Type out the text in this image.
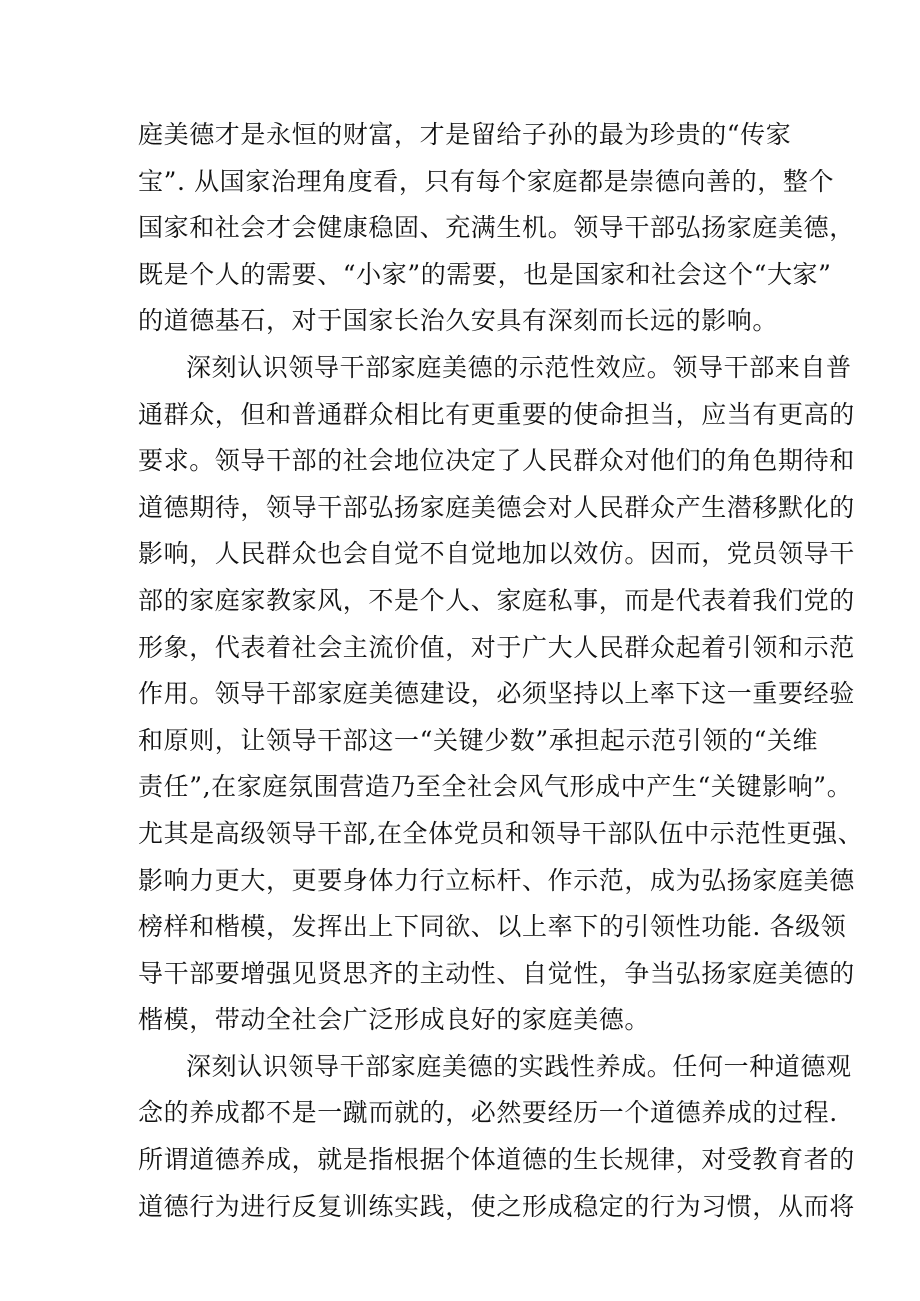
庭美德才是永恒的财富，才是留给子孙的最为珍贵的“传家
宝”. 从国家治理角度看，只有每个家庭都是崇德向善的，整个
国家和社会才会健康稳固、充满生机。领导干部弘扬家庭美德，
既是个人的需要、“小家”的需要，也是国家和社会这个“大家”
的道德基石，对于国家长治久安具有深刻而长远的影响。
深刻认识领导干部家庭美德的示范性效应。领导干部来自普
通群众，但和普通群众相比有更重要的使命担当，应当有更高的
要求。领导干部的社会地位决定了人民群众对他们的角色期待和
道德期待，领导干部弘扬家庭美德会对人民群众产生潜移默化的
影响，人民群众也会自觉不自觉地加以效仿。因而，党员领导干
部的家庭家教家风，不是个人、家庭私事，而是代表着我们党的
形象，代表着社会主流价值，对于广大人民群众起着引领和示范
作用。领导干部家庭美德建设，必须坚持以上率下这一重要经验
和原则，让领导干部这一“关键少数”承担起示范引领的“关维
责任”,在家庭氛围营造乃至全社会风气形成中产生“关键影响”。
尤其是高级领导干部,在全体党员和领导干部队伍中示范性更强、
影响力更大，更要身体力行立标杆、作示范，成为弘扬家庭美德
榜样和楷模，发挥出上下同欲、以上率下的引领性功能. 各级领
导干部要增强见贤思齐的主动性、自觉性，争当弘扬家庭美德的
楷模，带动全社会广泛形成良好的家庭美德。
深刻认识领导干部家庭美德的实践性养成。任何一种道德观
念的养成都不是一蹴而就的，必然要经历一个道德养成的过程.
所谓道德养成，就是指根据个体道德的生长规律，对受教育者的
道德行为进行反复训练实践，使之形成稳定的行为习惯，从而将
